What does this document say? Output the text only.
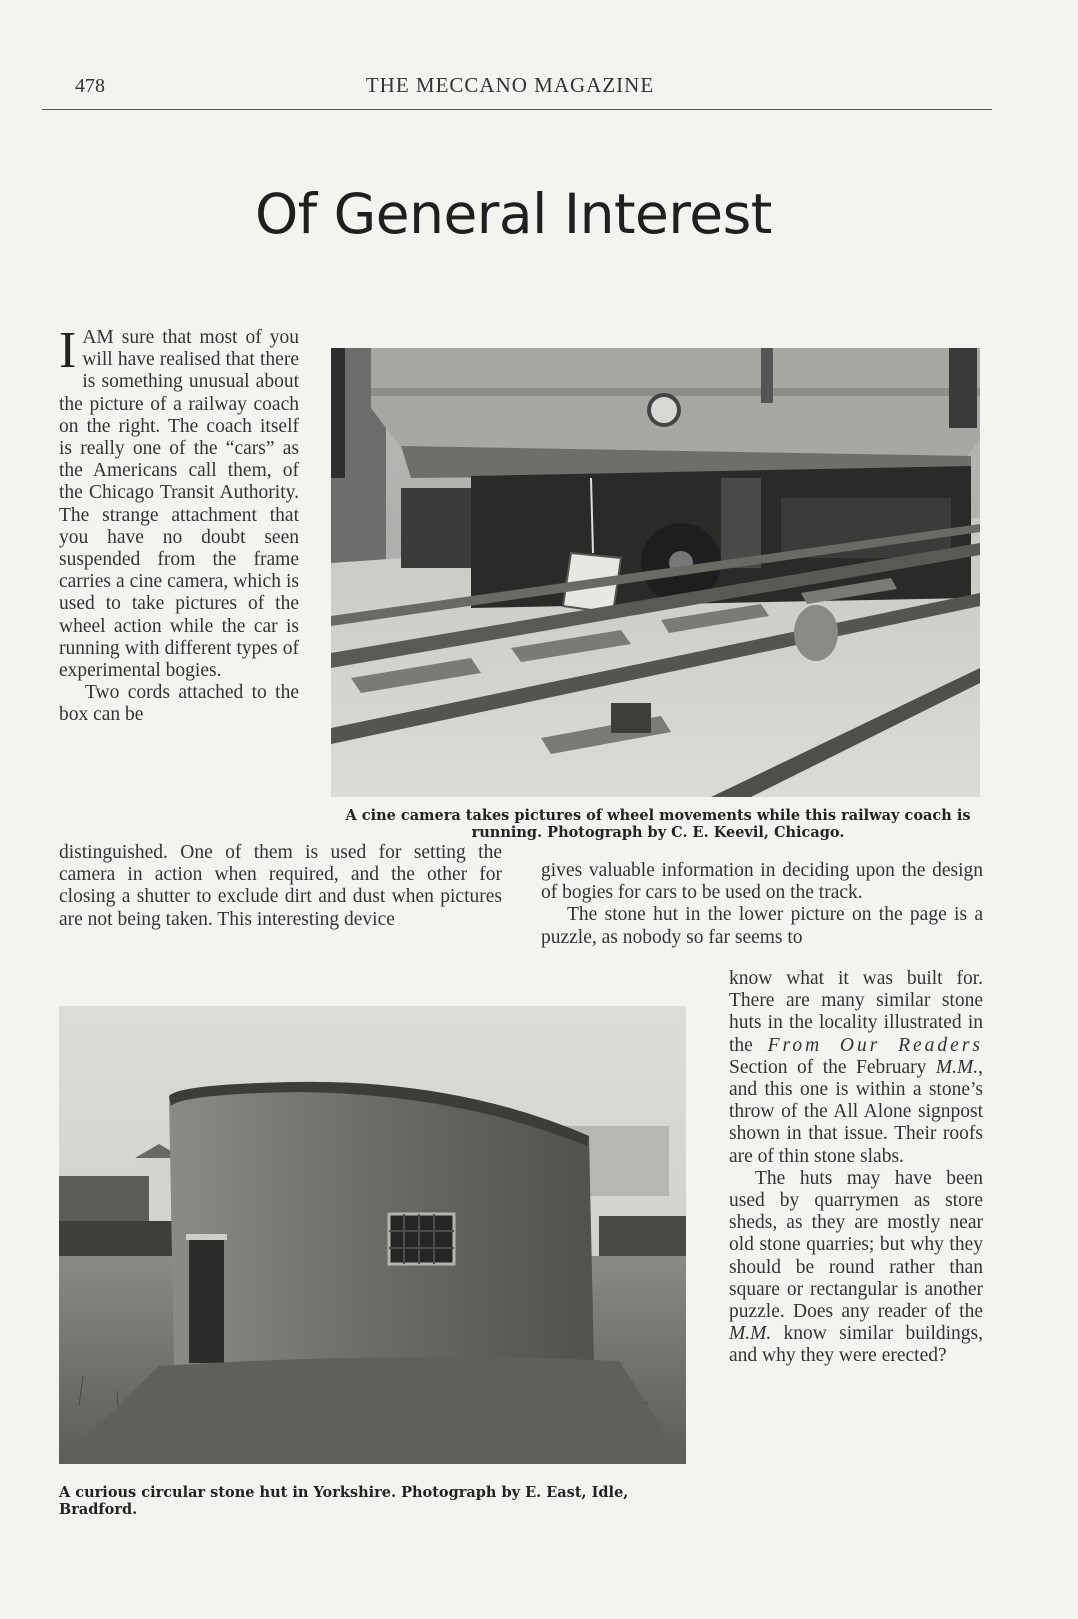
478	THE MECCANO MAGAZINE
Of General Interest
A cine camera takes pictures of wheel movements while this railway coach is running. Photograph by C. E. Keevil, Chicago.
IAM sure that most of you will have realised that there is something unusual about the picture of a railway coach on the right. The coach itself is really one of the “cars” as the Americans call them, of the Chicago Transit Authority. The strange attachment that you have no doubt seen suspended from the frame carries a cine camera, which is used to take pictures of the wheel action while the car is running with different types of experimental bogies.
Two cords attached to the box can be
distinguished. One of them is used for setting the camera in action when required, and the other for closing a shutter to exclude dirt and dust when pictures are not being taken. This interesting device
gives valuable information in deciding upon the design of bogies for cars to be used on the track.
The stone hut in the lower picture on the page is a puzzle, as nobody so far seems to
know what it was built for. There are many similar stone huts in the locality illustrated in the From Our Readers Section of the February M.M., and this one is within a stone’s throw of the All Alone signpost shown in that issue. Their roofs are of thin stone slabs.
The huts may have been used by quarrymen as store sheds, as they are mostly near old stone quarries; but why they should be round rather than square or rectangular is another puzzle. Does any reader of the M.M. know similar buildings, and why they were erected?
A curious circular stone hut in Yorkshire. Photograph by E. East, Idle, Bradford.
